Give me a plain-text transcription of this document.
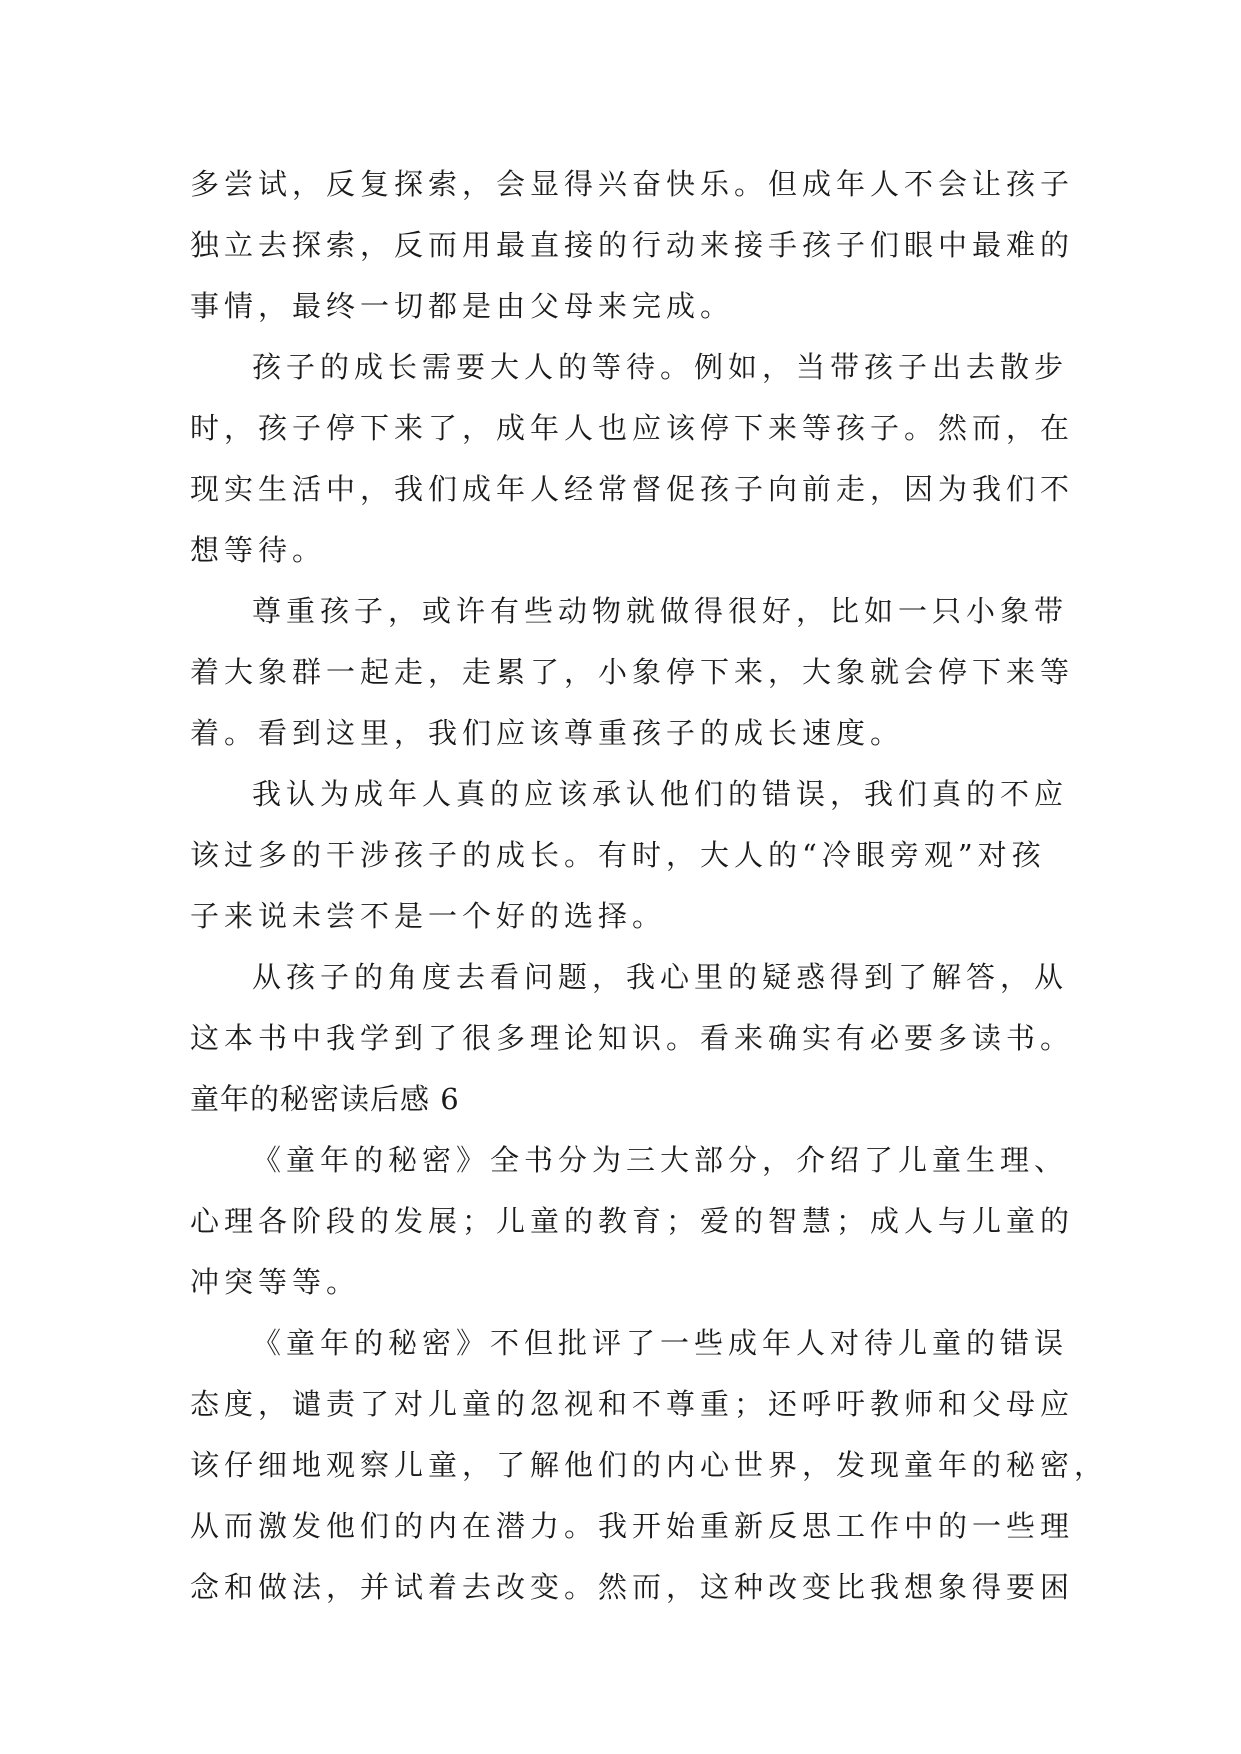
多尝试，反复探索，会显得兴奋快乐。但成年人不会让孩子
独立去探索，反而用最直接的行动来接手孩子们眼中最难的
事情，最终一切都是由父母来完成。
孩子的成长需要大人的等待。例如，当带孩子出去散步
时，孩子停下来了，成年人也应该停下来等孩子。然而，在
现实生活中，我们成年人经常督促孩子向前走，因为我们不
想等待。
尊重孩子，或许有些动物就做得很好，比如一只小象带
着大象群一起走，走累了，小象停下来，大象就会停下来等
着。看到这里，我们应该尊重孩子的成长速度。
我认为成年人真的应该承认他们的错误，我们真的不应
该过多的干涉孩子的成长。有时，大人的“冷眼旁观”对孩
子来说未尝不是一个好的选择。
从孩子的角度去看问题，我心里的疑惑得到了解答，从
这本书中我学到了很多理论知识。看来确实有必要多读书。
童年的秘密读后感 6
《童年的秘密》全书分为三大部分，介绍了儿童生理、
心理各阶段的发展；儿童的教育；爱的智慧；成人与儿童的
冲突等等。
《童年的秘密》不但批评了一些成年人对待儿童的错误
态度，谴责了对儿童的忽视和不尊重；还呼吁教师和父母应
该仔细地观察儿童，了解他们的内心世界，发现童年的秘密，
从而激发他们的内在潜力。我开始重新反思工作中的一些理
念和做法，并试着去改变。然而，这种改变比我想象得要困
